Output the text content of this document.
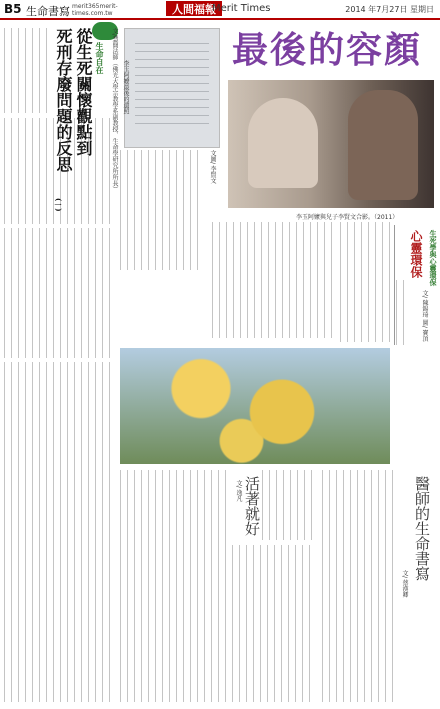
B5 生命書寫 merit365merit-times.com.tw	人間福報
Merit Times	2014 年7月27日 星期日
生命自在
從生死關懷觀點到
死刑存廢問題的反思
(一)
文/慧開法師（佛光大學宗教學系副教授、生命學研究所所長） 李玉阿嬤最後的遺照
最後的容顏
李玉阿嬤與兒子李賢文合影。（2011）
文圖/ 李賢文
生死學與心靈環保
心靈環保
文/ 陳錫琦 圖/ 寶頂
活著就好
文/ 逸凡	醫師的生命書寫
文/ 蔡漢卿
